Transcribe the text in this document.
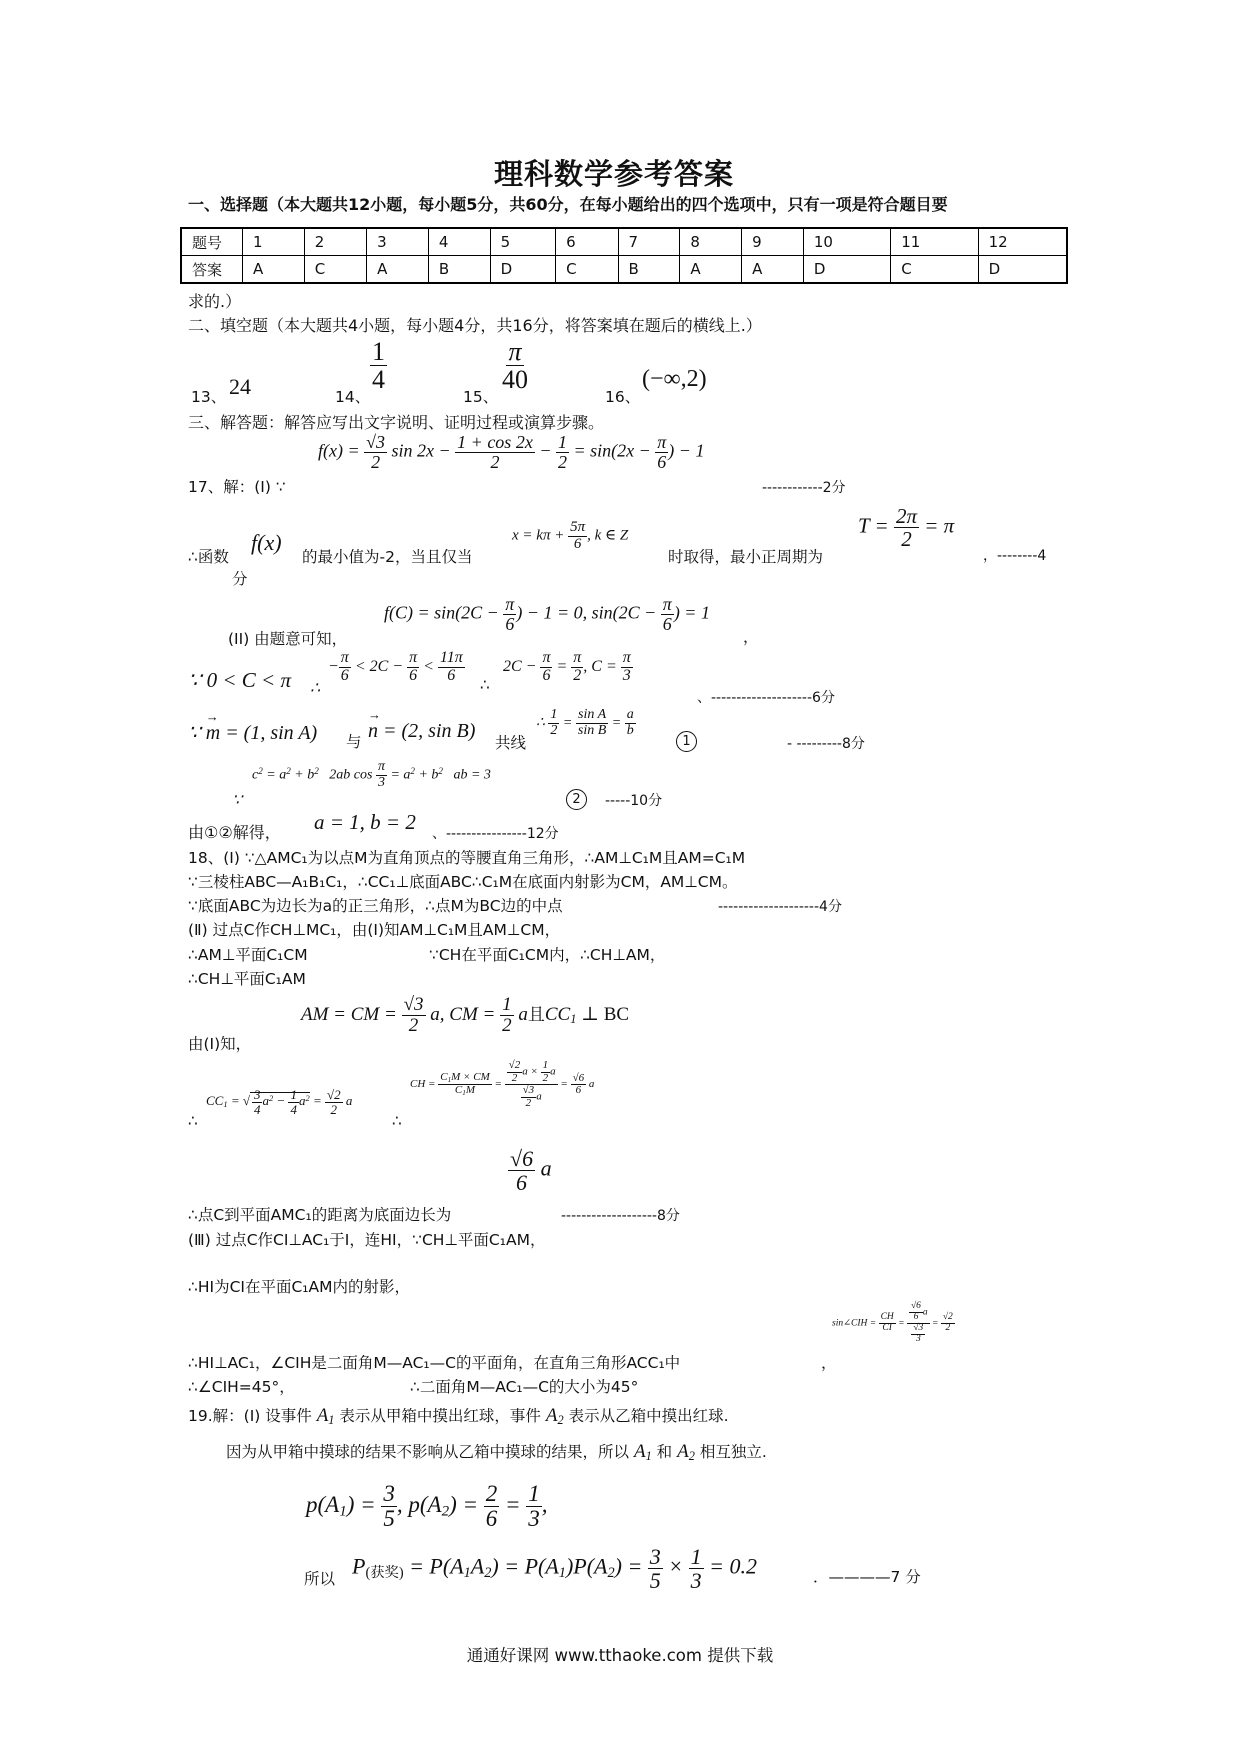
理科数学参考答案
一、选择题（本大题共12小题，每小题5分，共60分，在每小题给出的四个选项中，只有一项是符合题目要
题号	1	2	3	4	5	6	7	8	9	10	11	12
答案	A	C	A	B	D	C	B	A	A	D	C	D
求的.）
二、填空题（本大题共4小题，每小题4分，共16分，将答案填在题后的横线上.）
13、 24	14、
$\frac{1}{4}$
15、
$\frac{\pi}{40}$
16、
(−∞,2)
三、解答题：解答应写出文字说明、证明过程或演算步骤。
17、解：(I) ∵
$f(x) = \frac{√3}{2}$ $\sin 2x - \frac{1 + \cos 2x}{2} - \frac{1}{2} = \sin(2x - \frac{\pi}{6}$ ) − 1
------------2分
∴函数
f(x)
的最小值为-2，当且仅当
$x = k\pi + \frac{5\pi}{6}$ , k ∈ Z
时取得，最小正周期为
$T = \frac{2\pi}{2} = \pi$
，--------4
分
$f(C) = \sin(2C - \frac{\pi}{6}$ ) − 1 = 0, $\sin(2C - \frac{\pi}{6}$ ) = 1
(II) 由题意可知，	，
∵ 0 < C < π ∴
− $\frac{\pi}{6} < 2C - \frac{\pi}{6} < \frac{11\pi}{6}$
∴
$2C - \frac{\pi}{6} = \frac{\pi}{2}$ , $C = \frac{\pi}{3}$
、--------------------6分
∵ → m = (1, sin A) 与 → n = (2, sin B)
共线
∴ $\frac{1}{2} = \frac{\text{sin A}}{\text{sin B}} = \frac{a}{b}$
1	- ---------8分
∵
$c^2 = a^2 + b^2$   2ab $\cos \frac{\pi}{3} = a^2 + b^2$   ab = 3
2	-----10分
由①②解得， a = 1, b = 2 、----------------12分
18、(Ⅰ) ∵△AMC₁为以点M为直角顶点的等腰直角三角形，∴AM⊥C₁M且AM=C₁M
∵三棱柱ABC—A₁B₁C₁，∴CC₁⊥底面ABC∴C₁M在底面内射影为CM，AM⊥CM。
∵底面ABC为边长为a的正三角形，∴点M为BC边的中点	--------------------4分
(Ⅱ) 过点C作CH⊥MC₁，由(Ⅰ)知AM⊥C₁M且AM⊥CM，
∴AM⊥平面C₁CM	∵CH在平面C₁CM内，∴CH⊥AM，
∴CH⊥平面C₁AM
AM = CM = $\frac{√3}{2} a$, CM = $\frac{1}{2}$ a且$CC_1$ ⊥ BC
由(Ⅰ)知，
∴
$CC_1$ = √ $\frac{3}{4} a^2 - \frac{1}{4} a^2 = \frac{√2}{2}$ a
∴
CH = $\frac{C_1M \times CM}{C_1M} = \frac{\frac{√2}{2} a \times \frac{1}{2} a}{\frac{√3}{2} a} = \frac{√6}{6}$ a
$\frac{√6}{6}$ a
∴点C到平面AMC₁的距离为底面边长为	-------------------8分
(Ⅲ) 过点C作CI⊥AC₁于I，连HI，∵CH⊥平面C₁AM，
∴HI为CI在平面C₁AM内的射影，
sin∠CIH = $\frac{CH}{CI} = \frac{\frac{√6}{6} a}{\frac{√3}{3}} = \frac{√2}{2}$
∴HI⊥AC₁，∠CIH是二面角M—AC₁—C的平面角，在直角三角形ACC₁中	，
∴∠CIH=45°，	∴二面角M—AC₁—C的大小为45°
19.解：(Ⅰ) 设事件 $A_1$ 表示从甲箱中摸出红球，事件 $A_2$ 表示从乙箱中摸出红球.
因为从甲箱中摸球的结果不影响从乙箱中摸球的结果，所以 $A_1$ 和 $A_2$ 相互独立.
$p(A_1) = \frac{3}{5}$ , $p(A_2) = \frac{2}{6} = \frac{1}{3}$ ,
所以
$P_{(获奖)} = P(A_1A_2) = P(A_1)P(A_2) = \frac{3}{5} \times \frac{1}{3} = 0.2$	．————7 分
通通好课网 www.tthaoke.com 提供下载
